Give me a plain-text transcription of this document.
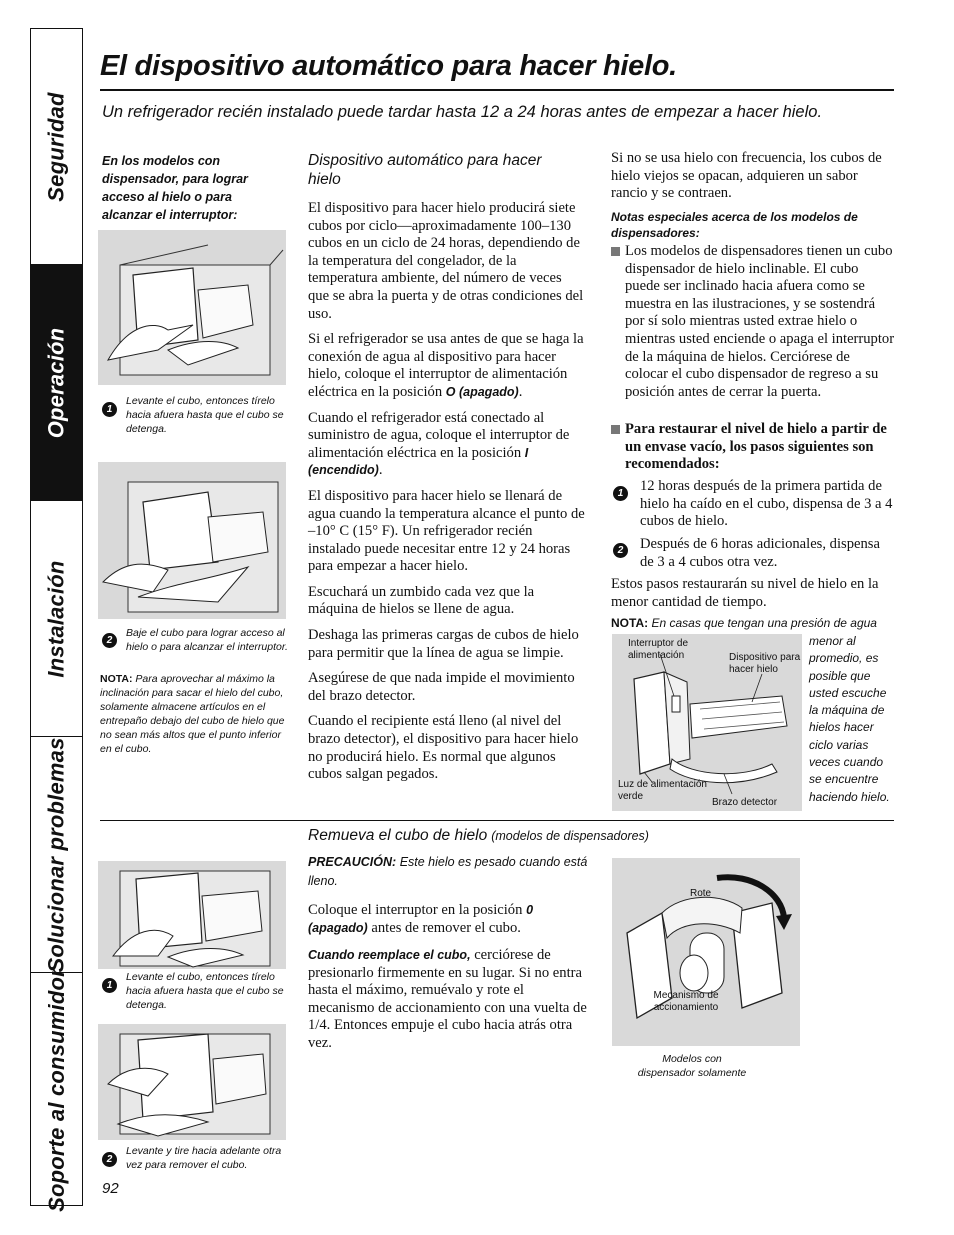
Seguridad
Operación
Instalación
Solucionar problemas
Soporte al consumidor
El dispositivo automático para hacer hielo.
Un refrigerador recién instalado puede tardar hasta 12 a 24 horas antes de empezar a hacer hielo.
En los modelos con dispensador, para lograr acceso al hielo o para alcanzar el interruptor:
1
Levante el cubo, entonces tírelo hacia afuera hasta que el cubo se detenga.
2
Baje el cubo para lograr acceso al hielo o para alcanzar el interruptor.
NOTA: Para aprovechar al máximo la inclinación para sacar el hielo del cubo, solamente almacene artículos en el entrepaño debajo del cubo de hielo que no sean más altos que el punto inferior en el cubo.
Dispositivo automático para hacer hielo

El dispositivo para hacer hielo producirá siete cubos por ciclo—aproximadamente 100–130 cubos en un ciclo de 24 horas, dependiendo de la temperatura del congelador, de la temperatura ambiente, del número de veces que se abra la puerta y de otras condiciones del uso.

Si el refrigerador se usa antes de que se haga la conexión de agua al dispositivo para hacer hielo, coloque el interruptor de alimentación eléctrica en la posición O (apagado).

Cuando el refrigerador está conectado al suministro de agua, coloque el interruptor de alimentación eléctrica en la posición I (encendido).

El dispositivo para hacer hielo se llenará de agua cuando la temperatura alcance el punto de –10° C (15° F). Un refrigerador recién instalado puede necesitar entre 12 y 24 horas para empezar a hacer hielo.

Escuchará un zumbido cada vez que la máquina de hielos se llene de agua.

Deshaga las primeras cargas de cubos de hielo para permitir que la línea de agua se limpie.

Asegúrese de que nada impide el movimiento del brazo detector.

Cuando el recipiente está lleno (al nivel del brazo detector), el dispositivo para hacer hielo no producirá hielo. Es normal que algunos cubos salgan pegados.

Si no se usa hielo con frecuencia, los cubos de hielo viejos se opacan, adquieren un sabor rancio y se contraen.
Notas especiales acerca de los modelos de dispensadores:
Los modelos de dispensadores tienen un cubo dispensador de hielo inclinable. El cubo puede ser inclinado hacia afuera como se muestra en las ilustraciones, y se sostendrá por sí solo mientras usted extrae hielo o mientras usted enciende o apaga el interruptor de la máquina de hielos. Cerciórese de colocar el cubo dispensador de regreso a su posición antes de cerrar la puerta.
Para restaurar el nivel de hielo a partir de un envase vacío, los pasos siguientes son recomendados:
1	12 horas después de la primera partida de hielo ha caído en el cubo, dispensa de 3 a 4 cubos de hielo.
2	Después de 6 horas adicionales, dispensa de 3 a 4 cubos otra vez.
Estos pasos restaurarán su nivel de hielo en la menor cantidad de tiempo.
NOTA: En casas que tengan una presión de agua
menor al promedio, es posible que usted escuche la máquina de hielos hacer ciclo varias veces cuando se encuentre haciendo hielo.
Interruptor de alimentación	Dispositivo para hacer hielo
Luz de alimentación verde
Brazo detector
Remueva el cubo de hielo (modelos de dispensadores)
PRECAUCIÓN: Este hielo es pesado cuando está lleno.
Coloque el interruptor en la posición 0 (apagado) antes de remover el cubo.
Cuando reemplace el cubo, cerciórese de presionarlo firmemente en su lugar. Si no entra hasta el máximo, remuévalo y rote el mecanismo de accionamiento con una vuelta de 1/4. Entonces empuje el cubo hacia atrás otra vez.
1
Levante el cubo, entonces tírelo hacia afuera hasta que el cubo se detenga.
2
Levante y tire hacia adelante otra vez para remover el cubo.
Rote
Mecanismo de accionamiento
Modelos con dispensador solamente
92
